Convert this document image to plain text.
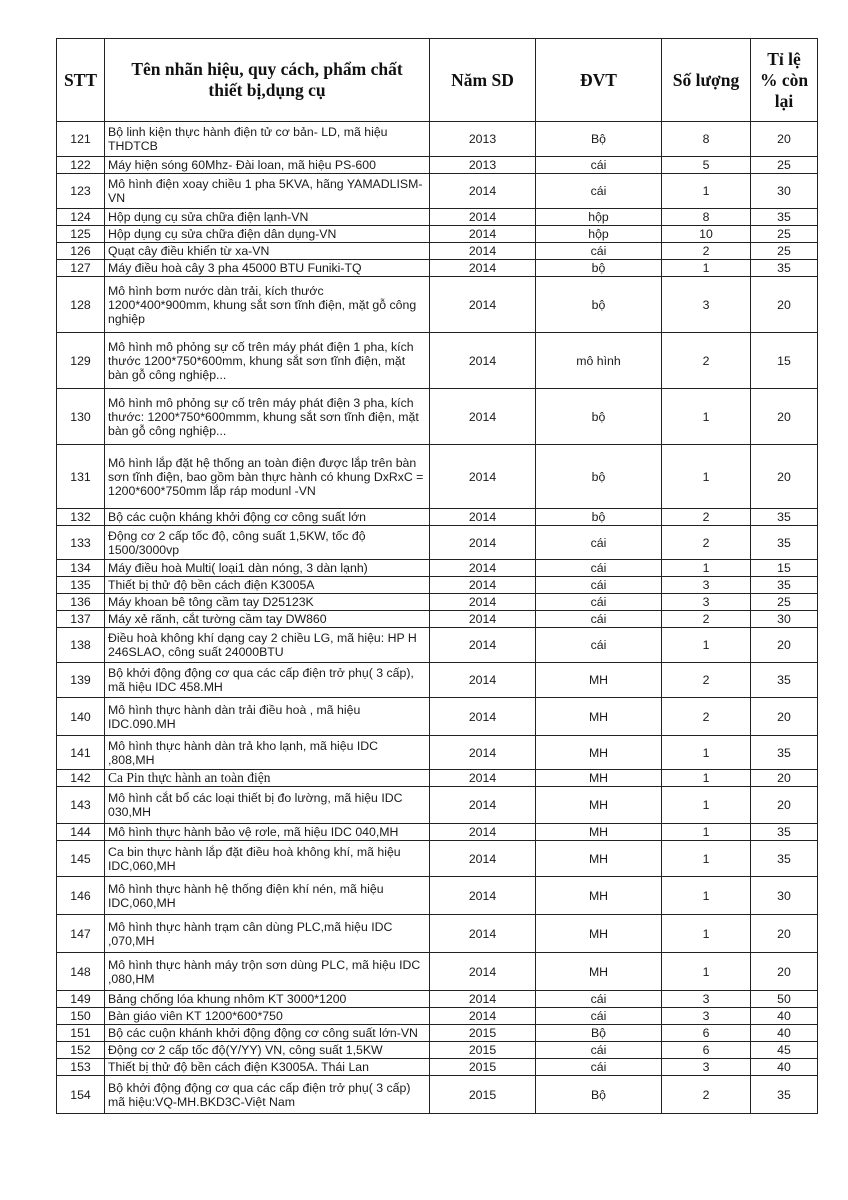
STT	Tên nhãn hiệu, quy cách, phẩm chất thiết bị,dụng cụ	Năm SD	ĐVT	Số lượng	Tỉ lệ % còn lại
121	Bộ linh kiện thực hành điện tử cơ bản- LD, mã hiệu THDTCB	2013	Bộ	8	20
122	Máy hiện sóng 60Mhz- Đài loan, mã hiệu PS-600	2013	cái	5	25
123	Mô hình điện xoay chiều 1 pha 5KVA, hãng YAMADLISM-VN	2014	cái	1	30
124	Hộp dụng cụ sửa chữa điện lạnh-VN	2014	hộp	8	35
125	Hộp dụng cụ sửa chữa điện dân dụng-VN	2014	hộp	10	25
126	Quạt cây điều khiển từ xa-VN	2014	cái	2	25
127	Máy điều hoà cây 3 pha 45000 BTU Funiki-TQ	2014	bộ	1	35
128	Mô hình bơm nước dàn trải, kích thước 1200*400*900mm, khung sắt sơn tĩnh điện, mặt gỗ công nghiệp	2014	bộ	3	20
129	Mô hình mô phỏng sự cố trên máy phát điện 1 pha, kích thước 1200*750*600mm, khung sắt sơn tĩnh điện, mặt bàn gỗ công nghiệp...	2014	mô hình	2	15
130	Mô hình mô phỏng sự cố trên máy phát điện 3 pha, kích thước: 1200*750*600mmm, khung sắt sơn tĩnh điện, mặt bàn gỗ công nghiệp...	2014	bộ	1	20
131	Mô hình lắp đặt hệ thống an toàn điện được lắp trên bàn sơn tĩnh điện, bao gồm bàn thực hành có khung DxRxC = 1200*600*750mm lắp ráp modunl -VN	2014	bộ	1	20
132	Bộ các cuộn kháng khởi động cơ công suất lớn	2014	bộ	2	35
133	Động cơ 2 cấp tốc độ, công suất 1,5KW, tốc độ 1500/3000vp	2014	cái	2	35
134	Máy điều hoà Multi( loại1 dàn nóng, 3 dàn lạnh)	2014	cái	1	15
135	Thiết bị thử độ bền cách điện K3005A	2014	cái	3	35
136	Máy khoan bê tông cầm tay D25123K	2014	cái	3	25
137	Máy xẻ rãnh, cắt tường cầm tay DW860	2014	cái	2	30
138	Điều hoà không khí dạng cay 2 chiều LG, mã hiệu: HP H 246SLAO, công suất 24000BTU	2014	cái	1	20
139	Bộ khởi động động cơ qua các cấp điện trở phụ( 3 cấp), mã hiệu IDC 458.MH	2014	MH	2	35
140	Mô hình thực hành dàn trải điều hoà , mã hiệu IDC.090.MH	2014	MH	2	20
141	Mô hình thực hành dàn trả kho lạnh, mã hiệu IDC ,808,MH	2014	MH	1	35
142	Ca Pin thực hành an toàn điện	2014	MH	1	20
143	Mô hình cắt bổ các loại thiết bị đo lường, mã hiệu IDC 030,MH	2014	MH	1	20
144	Mô hình thực hành bảo vệ rơle, mã hiệu IDC 040,MH	2014	MH	1	35
145	Ca bin thực hành lắp đặt điều hoà không khí, mã hiệu IDC,060,MH	2014	MH	1	35
146	Mô hình thực hành hệ thống điện khí nén, mã hiệu IDC,060,MH	2014	MH	1	30
147	Mô hình thực hành trạm cân dùng PLC,mã hiệu IDC ,070,MH	2014	MH	1	20
148	Mô hình thực hành máy trộn sơn dùng PLC, mã hiệu IDC ,080,HM	2014	MH	1	20
149	Bảng chống lóa khung nhôm KT 3000*1200	2014	cái	3	50
150	Bàn giáo viên KT 1200*600*750	2014	cái	3	40
151	Bộ các cuộn khánh khởi động động cơ công suất lớn-VN	2015	Bộ	6	40
152	Động cơ 2 cấp tốc độ(Y/YY) VN, công suất 1,5KW	2015	cái	6	45
153	Thiết bị thử độ bền cách điện K3005A. Thái Lan	2015	cái	3	40
154	Bộ khởi động động cơ qua các cấp điện trở phụ( 3 cấp) mã hiệu:VQ-MH.BKD3C-Việt Nam	2015	Bộ	2	35
